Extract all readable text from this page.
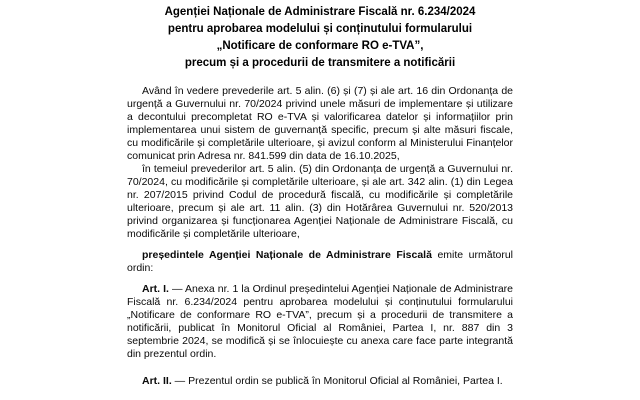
Agenției Naționale de Administrare Fiscală nr. 6.234/2024
pentru aprobarea modelului și conținutului formularului
„Notificare de conformare RO e-TVA”,
precum și a procedurii de transmitere a notificării

Având în vedere prevederile art. 5 alin. (6) și (7) și ale art. 16 din Ordonanța de urgență a Guvernului nr. 70/2024 privind unele măsuri de implementare și utilizare a decontului precompletat RO e-TVA și valorificarea datelor și informațiilor prin implementarea unui sistem de guvernanță specific, precum și alte măsuri fiscale, cu modificările și completările ulterioare, și avizul conform al Ministerului Finanțelor comunicat prin Adresa nr. 841.599 din data de 16.10.2025,

în temeiul prevederilor art. 5 alin. (5) din Ordonanța de urgență a Guvernului nr. 70/2024, cu modificările și completările ulterioare, și ale art. 342 alin. (1) din Legea nr. 207/2015 privind Codul de procedură fiscală, cu modificările și completările ulterioare, precum și ale art. 11 alin. (3) din Hotărârea Guvernului nr. 520/2013 privind organizarea și funcționarea Agenției Naționale de Administrare Fiscală, cu modificările și completările ulterioare,

președintele Agenției Naționale de Administrare Fiscală emite următorul ordin:

Art. I. — Anexa nr. 1 la Ordinul președintelui Agenției Naționale de Administrare Fiscală nr. 6.234/2024 pentru aprobarea modelului și conținutului formularului „Notificare de conformare RO e-TVA”, precum și a procedurii de transmitere a notificării, publicat în Monitorul Oficial al României, Partea I, nr. 887 din 3 septembrie 2024, se modifică și se înlocuiește cu anexa care face parte integrantă din prezentul ordin.

Art. II. — Prezentul ordin se publică în Monitorul Oficial al României, Partea I.
